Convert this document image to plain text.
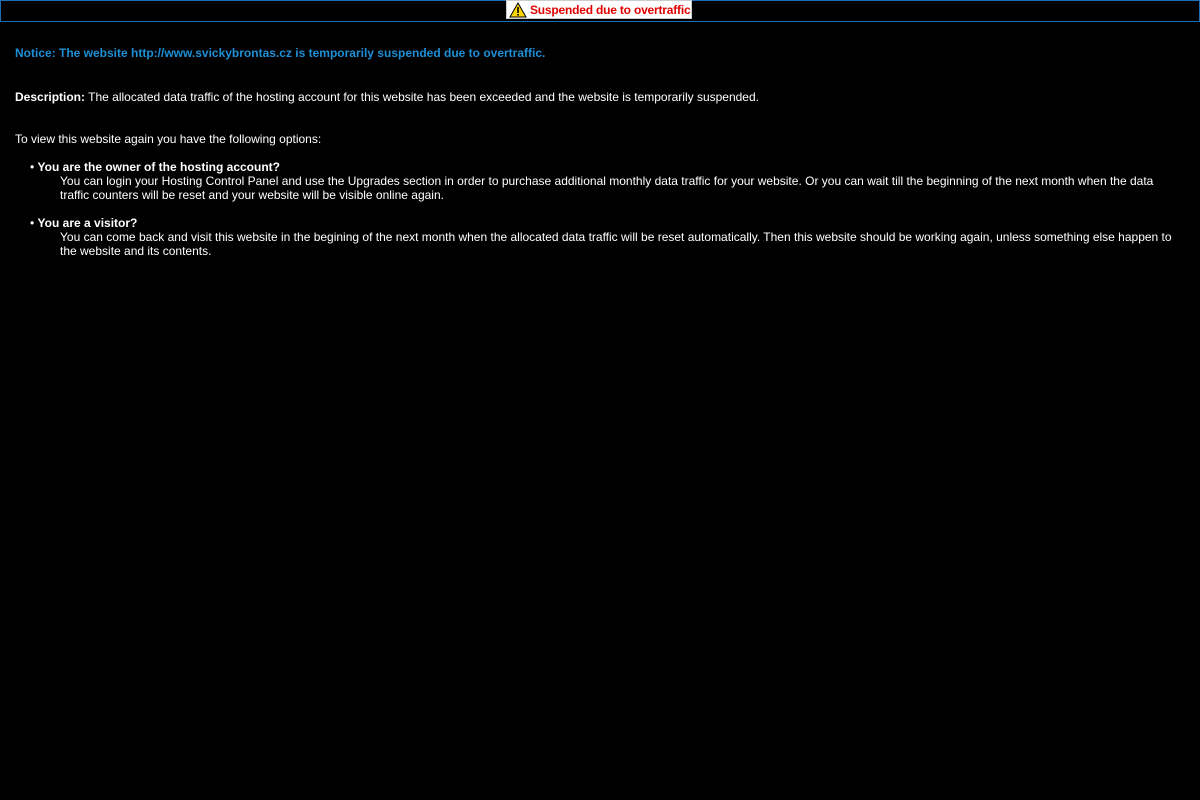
Suspended due to overtraffic

Notice: The website http://www.svickybrontas.cz is temporarily suspended due to overtraffic.

Description: The allocated data traffic of the hosting account for this website has been exceeded and the website is temporarily suspended.

To view this website again you have the following options:

• You are the owner of the hosting account?
You can login your Hosting Control Panel and use the Upgrades section in order to purchase additional monthly data traffic for your website. Or you can wait till the beginning of the next month when the data traffic counters will be reset and your website will be visible online again.
• You are a visitor?
You can come back and visit this website in the begining of the next month when the allocated data traffic will be reset automatically. Then this website should be working again, unless something else happen to the website and its contents.
